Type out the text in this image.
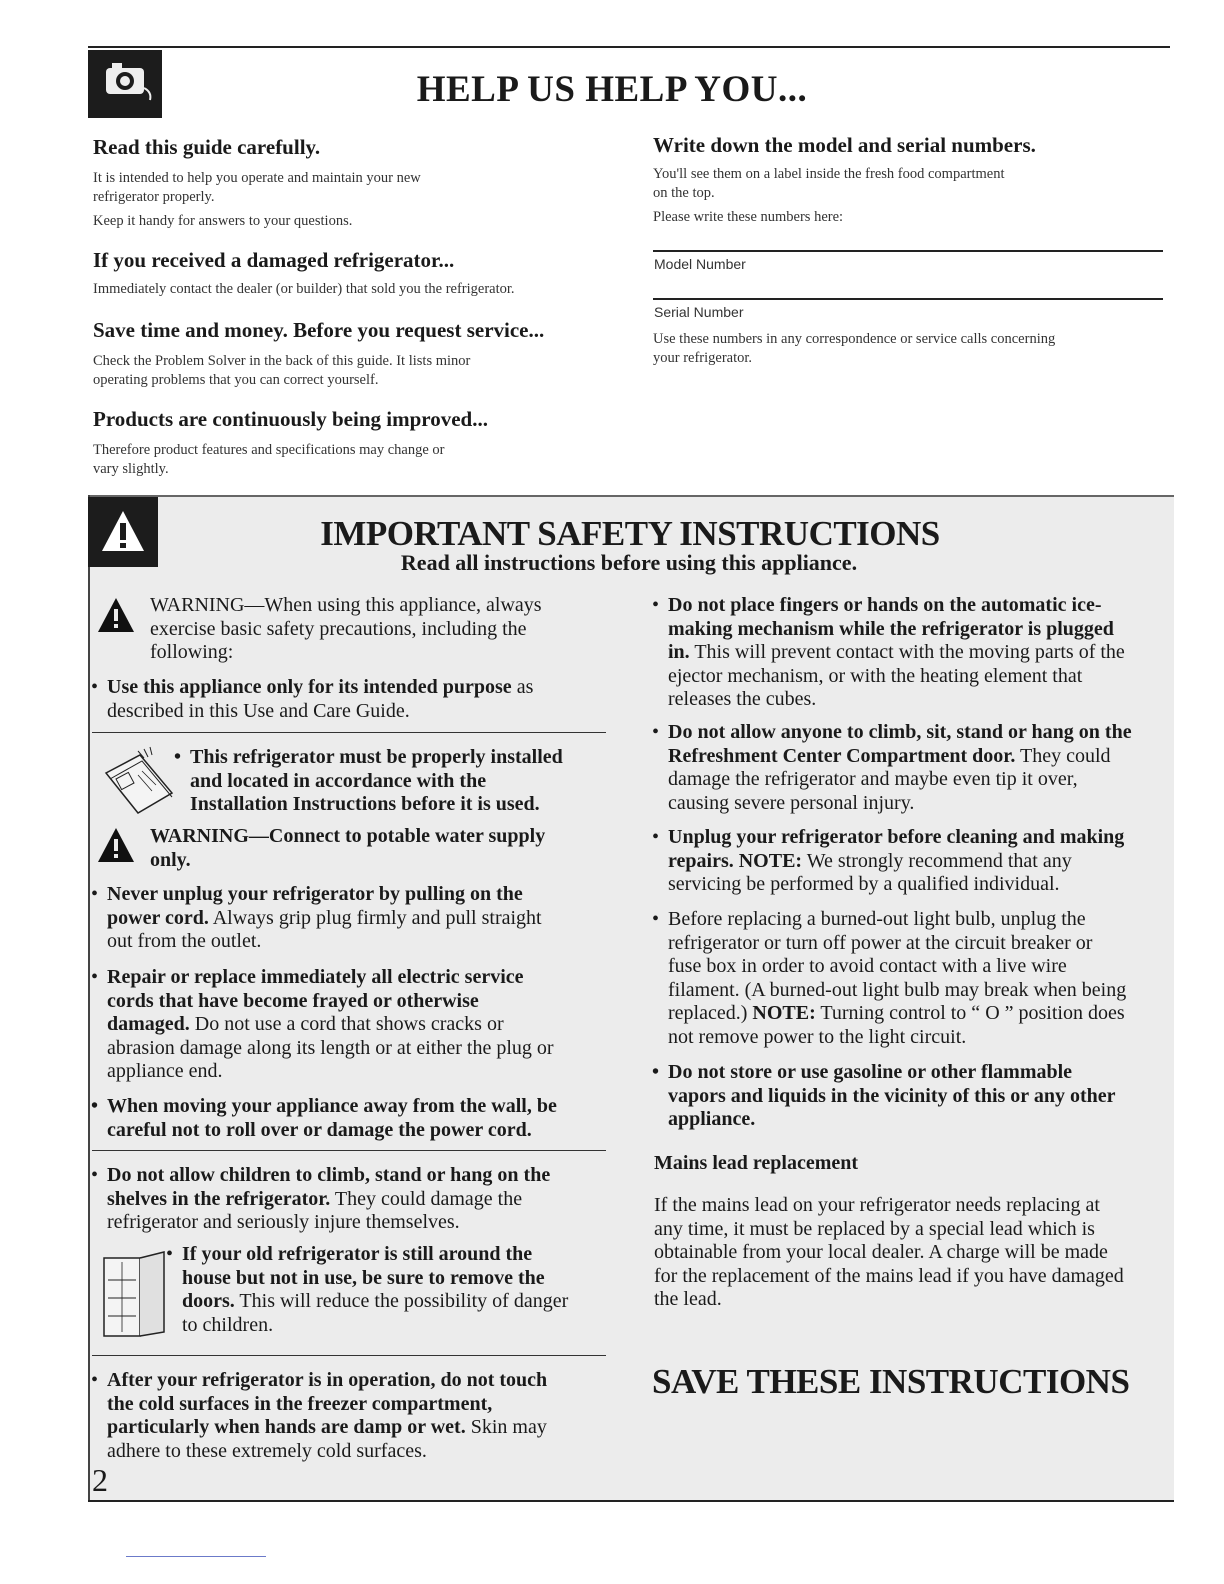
HELP US HELP YOU...
Read this guide carefully.

It is intended to help you operate and maintain your new

refrigerator properly.

Keep it handy for answers to your questions.

If you received a damaged refrigerator...

Immediately contact the dealer (or builder) that sold you the refrigerator.

Save time and money. Before you request service...

Check the Problem Solver in the back of this guide. It lists minor

operating problems that you can correct yourself.

Products are continuously being improved...

Therefore product features and specifications may change or

vary slightly.

Write down the model and serial numbers.

You'll see them on a label inside the fresh food compartment

on the top.

Please write these numbers here:

Model Number
Serial Number

Use these numbers in any correspondence or service calls concerning

your refrigerator.

IMPORTANT SAFETY INSTRUCTIONS
Read all instructions before using this appliance.
WARNING—When using this appliance, always
exercise basic safety precautions, including the
following:
• Use this appliance only for its intended purpose as
described in this Use and Care Guide.
• This refrigerator must be properly installed
and located in accordance with the
Installation Instructions before it is used.
WARNING—Connect to potable water supply
only.
• Never unplug your refrigerator by pulling on the
power cord. Always grip plug firmly and pull straight
out from the outlet.
• Repair or replace immediately all electric service
cords that have become frayed or otherwise
damaged. Do not use a cord that shows cracks or
abrasion damage along its length or at either the plug or
appliance end.
• When moving your appliance away from the wall, be
careful not to roll over or damage the power cord.
• Do not allow children to climb, stand or hang on the
shelves in the refrigerator. They could damage the
refrigerator and seriously injure themselves.
• If your old refrigerator is still around the
house but not in use, be sure to remove the
doors. This will reduce the possibility of danger
to children.
• After your refrigerator is in operation, do not touch
the cold surfaces in the freezer compartment,
particularly when hands are damp or wet. Skin may
adhere to these extremely cold surfaces.
• Do not place fingers or hands on the automatic ice-
making mechanism while the refrigerator is plugged
in. This will prevent contact with the moving parts of the
ejector mechanism, or with the heating element that
releases the cubes.
• Do not allow anyone to climb, sit, stand or hang on the
Refreshment Center Compartment door. They could
damage the refrigerator and maybe even tip it over,
causing severe personal injury.
• Unplug your refrigerator before cleaning and making
repairs. NOTE: We strongly recommend that any
servicing be performed by a qualified individual.
• Before replacing a burned-out light bulb, unplug the
refrigerator or turn off power at the circuit breaker or
fuse box in order to avoid contact with a live wire
filament. (A burned-out light bulb may break when being
replaced.) NOTE: Turning control to “ O ” position does
not remove power to the light circuit.
• Do not store or use gasoline or other flammable
vapors and liquids in the vicinity of this or any other
appliance.
Mains lead replacement
If the mains lead on your refrigerator needs replacing at
any time, it must be replaced by a special lead which is
obtainable from your local dealer. A charge will be made
for the replacement of the mains lead if you have damaged
the lead.
SAVE THESE INSTRUCTIONS
2
